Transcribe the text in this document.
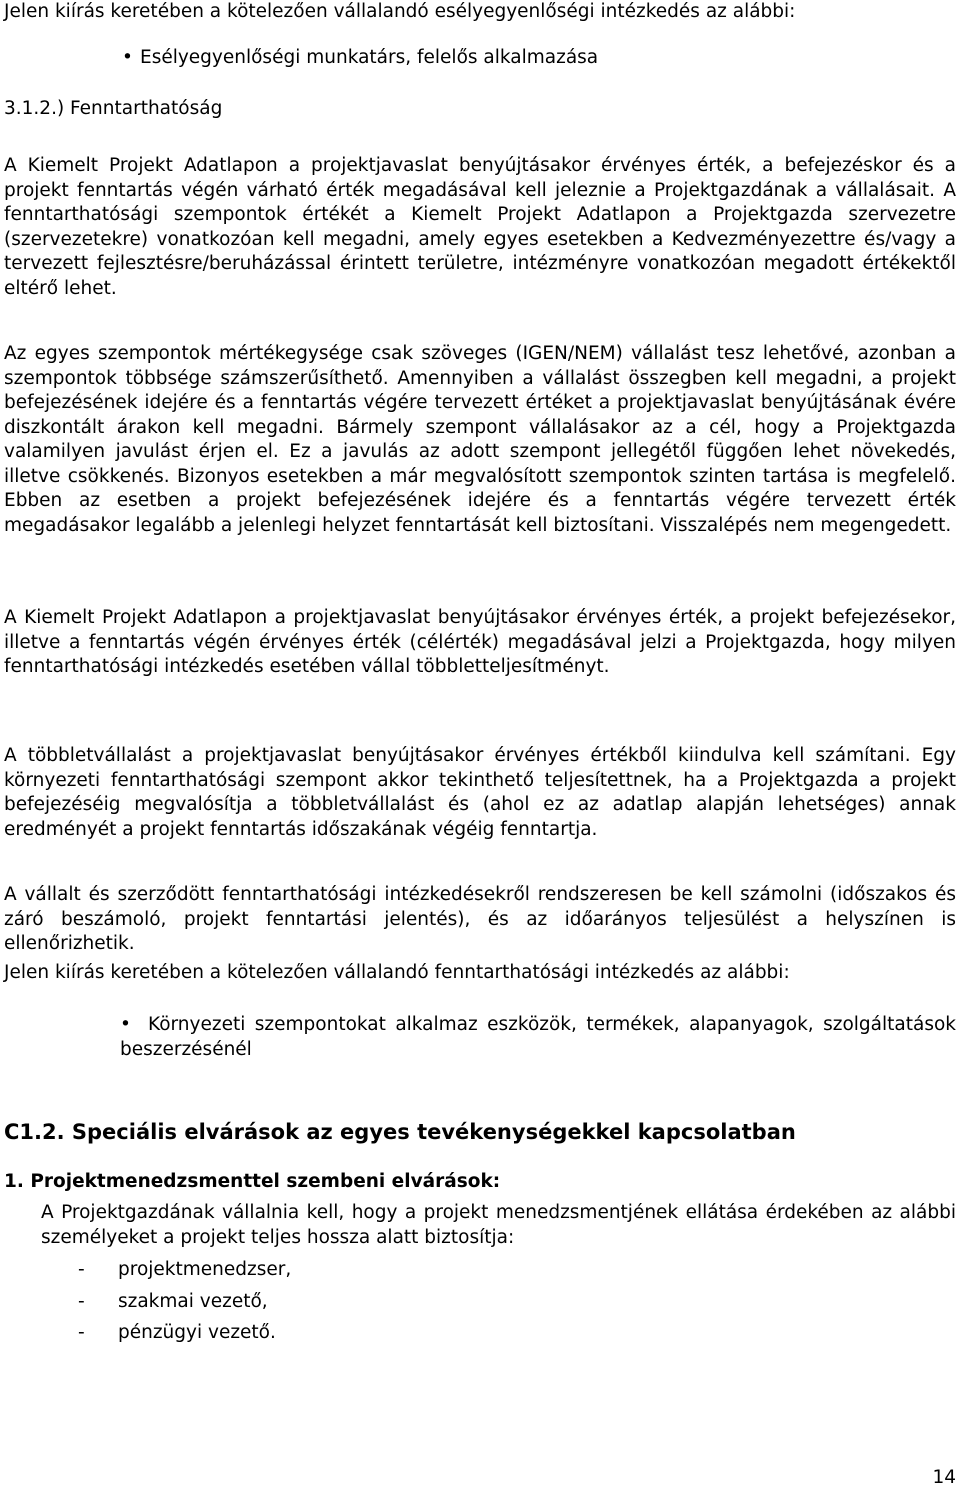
Jelen kiírás keretében a kötelezően vállalandó esélyegyenlőségi intézkedés az alábbi:

• Esélyegyenlőségi munkatárs, felelős alkalmazása

3.1.2.) Fenntarthatóság

A Kiemelt Projekt Adatlapon a projektjavaslat benyújtásakor érvényes érték, a befejezéskor és a projekt fenntartás végén várható érték megadásával kell jeleznie a Projektgazdának a vállalásait. A fenntarthatósági szempontok értékét a Kiemelt Projekt Adatlapon a Projektgazda szervezetre (szervezetekre) vonatkozóan kell megadni, amely egyes esetekben a Kedvezményezettre és/vagy a tervezett fejlesztésre/beruházással érintett területre, intézményre vonatkozóan megadott értékektől eltérő lehet.

Az egyes szempontok mértékegysége csak szöveges (IGEN/NEM) vállalást tesz lehetővé, azonban a szempontok többsége számszerűsíthető. Amennyiben a vállalást összegben kell megadni, a projekt befejezésének idejére és a fenntartás végére tervezett értéket a projektjavaslat benyújtásának évére diszkontált árakon kell megadni. Bármely szempont vállalásakor az a cél, hogy a Projektgazda valamilyen javulást érjen el. Ez a javulás az adott szempont jellegétől függően lehet növekedés, illetve csökkenés. Bizonyos esetekben a már megvalósított szempontok szinten tartása is megfelelő. Ebben az esetben a projekt befejezésének idejére és a fenntartás végére tervezett érték megadásakor legalább a jelenlegi helyzet fenntartását kell biztosítani. Visszalépés nem megengedett.

A Kiemelt Projekt Adatlapon a projektjavaslat benyújtásakor érvényes érték, a projekt befejezésekor, illetve a fenntartás végén érvényes érték (célérték) megadásával jelzi a Projektgazda, hogy milyen fenntarthatósági intézkedés esetében vállal többletteljesítményt.

A többletvállalást a projektjavaslat benyújtásakor érvényes értékből kiindulva kell számítani. Egy környezeti fenntarthatósági szempont akkor tekinthető teljesítettnek, ha a Projektgazda a projekt befejezéséig megvalósítja a többletvállalást és (ahol ez az adatlap alapján lehetséges) annak eredményét a projekt fenntartás időszakának végéig fenntartja.

A vállalt és szerződött fenntarthatósági intézkedésekről rendszeresen be kell számolni (időszakos és záró beszámoló, projekt fenntartási jelentés), és az időarányos teljesülést a helyszínen is ellenőrizhetik.

Jelen kiírás keretében a kötelezően vállalandó fenntarthatósági intézkedés az alábbi:

• Környezeti szempontokat alkalmaz eszközök, termékek, alapanyagok, szolgáltatások beszerzésénél
C1.2. Speciális elvárások az egyes tevékenységekkel kapcsolatban
1. Projektmenedzsmenttel szembeni elvárások:

A Projektgazdának vállalnia kell, hogy a projekt menedzsmentjének ellátása érdekében az alábbi személyeket a projekt teljes hossza alatt biztosítja:

- projektmenedzser,
- szakmai vezető,
- pénzügyi vezető.
14
